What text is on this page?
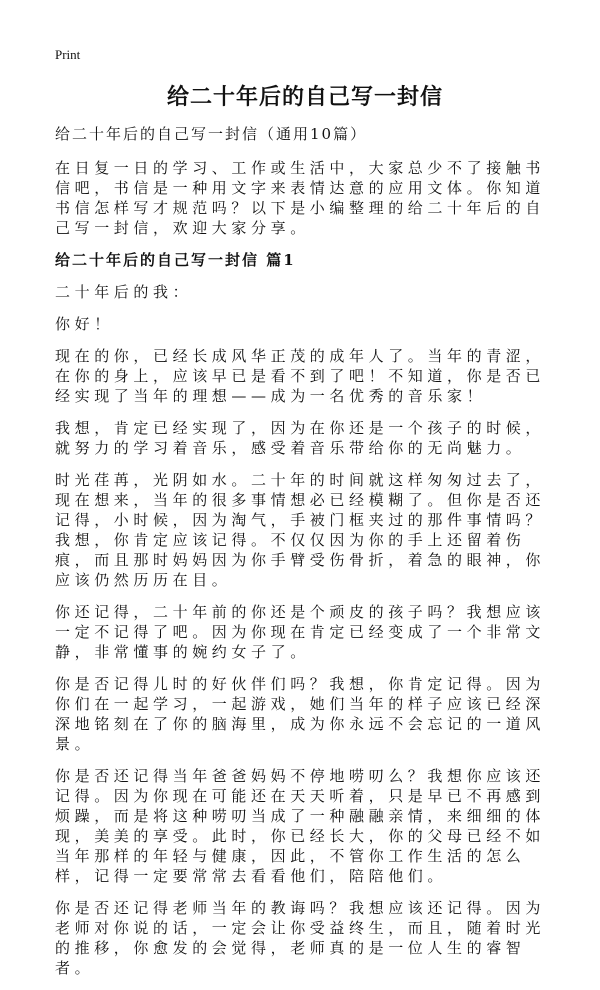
Print
给二十年后的自己写一封信

给二十年后的自己写一封信（通用10篇）

在日复一日的学习、工作或生活中，大家总少不了接触书信吧，书信是一种用文字来表情达意的应用文体。你知道书信怎样写才规范吗？以下是小编整理的给二十年后的自己写一封信，欢迎大家分享。

给二十年后的自己写一封信 篇1

二十年后的我：

你好！

现在的你，已经长成风华正茂的成年人了。当年的青涩，在你的身上，应该早已是看不到了吧！不知道，你是否已经实现了当年的理想——成为一名优秀的音乐家！

我想，肯定已经实现了，因为在你还是一个孩子的时候，就努力的学习着音乐，感受着音乐带给你的无尚魅力。

时光荏苒，光阴如水。二十年的时间就这样匆匆过去了，现在想来，当年的很多事情想必已经模糊了。但你是否还记得，小时候，因为淘气，手被门框夹过的那件事情吗？我想，你肯定应该记得。不仅仅因为你的手上还留着伤痕，而且那时妈妈因为你手臂受伤骨折，着急的眼神，你应该仍然历历在目。

你还记得，二十年前的你还是个顽皮的孩子吗？我想应该一定不记得了吧。因为你现在肯定已经变成了一个非常文静，非常懂事的婉约女子了。

你是否记得儿时的好伙伴们吗？我想，你肯定记得。因为你们在一起学习，一起游戏，她们当年的样子应该已经深深地铭刻在了你的脑海里，成为你永远不会忘记的一道风景。

你是否还记得当年爸爸妈妈不停地唠叨么？我想你应该还记得。因为你现在可能还在天天听着，只是早已不再感到烦躁，而是将这种唠叨当成了一种融融亲情，来细细的体现，美美的享受。此时，你已经长大，你的父母已经不如当年那样的年轻与健康，因此，不管你工作生活的怎么样，记得一定要常常去看看他们，陪陪他们。

你是否还记得老师当年的教诲吗？我想应该还记得。因为老师对你说的话，一定会让你受益终生，而且，随着时光的推移，你愈发的会觉得，老师真的是一位人生的睿智者。
